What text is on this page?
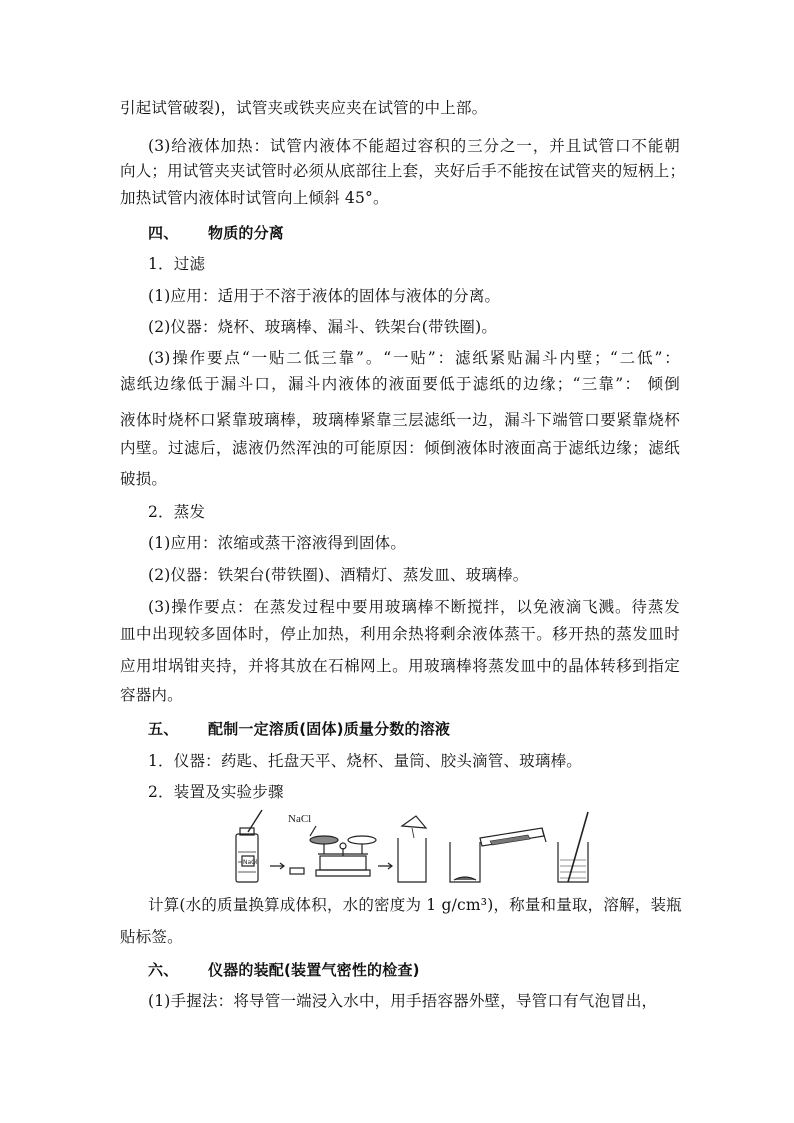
引起试管破裂)，试管夹或铁夹应夹在试管的中上部。
(3)给液体加热：试管内液体不能超过容积的三分之一，并且试管口不能朝
向人；用试管夹夹试管时必须从底部往上套，夹好后手不能按在试管夹的短柄上；
加热试管内液体时试管向上倾斜 45°。
四、 物质的分离
1．过滤
(1)应用：适用于不溶于液体的固体与液体的分离。
(2)仪器：烧杯、玻璃棒、漏斗、铁架台(带铁圈)。
(3)操作要点“一贴二低三靠”。“一贴”：滤纸紧贴漏斗内壁；“二低”：
滤纸边缘低于漏斗口，漏斗内液体的液面要低于滤纸的边缘；“三靠”： 倾倒
液体时烧杯口紧靠玻璃棒，玻璃棒紧靠三层滤纸一边，漏斗下端管口要紧靠烧杯
内壁。过滤后，滤液仍然浑浊的可能原因：倾倒液体时液面高于滤纸边缘；滤纸
破损。
2．蒸发
(1)应用：浓缩或蒸干溶液得到固体。
(2)仪器：铁架台(带铁圈)、酒精灯、蒸发皿、玻璃棒。
(3)操作要点：在蒸发过程中要用玻璃棒不断搅拌，以免液滴飞溅。待蒸发
皿中出现较多固体时，停止加热，利用余热将剩余液体蒸干。移开热的蒸发皿时
应用坩埚钳夹持，并将其放在石棉网上。用玻璃棒将蒸发皿中的晶体转移到指定
容器内。
五、 配制一定溶质(固体)质量分数的溶液
1．仪器：药匙、托盘天平、烧杯、量筒、胶头滴管、玻璃棒。
2．装置及实验步骤
NaCl
NaCl
计算(水的质量换算成体积，水的密度为 1 g/cm³)，称量和量取，溶解，装瓶
贴标签。
六、 仪器的装配(装置气密性的检查)
(1)手握法：将导管一端浸入水中，用手捂容器外壁，导管口有气泡冒出，
